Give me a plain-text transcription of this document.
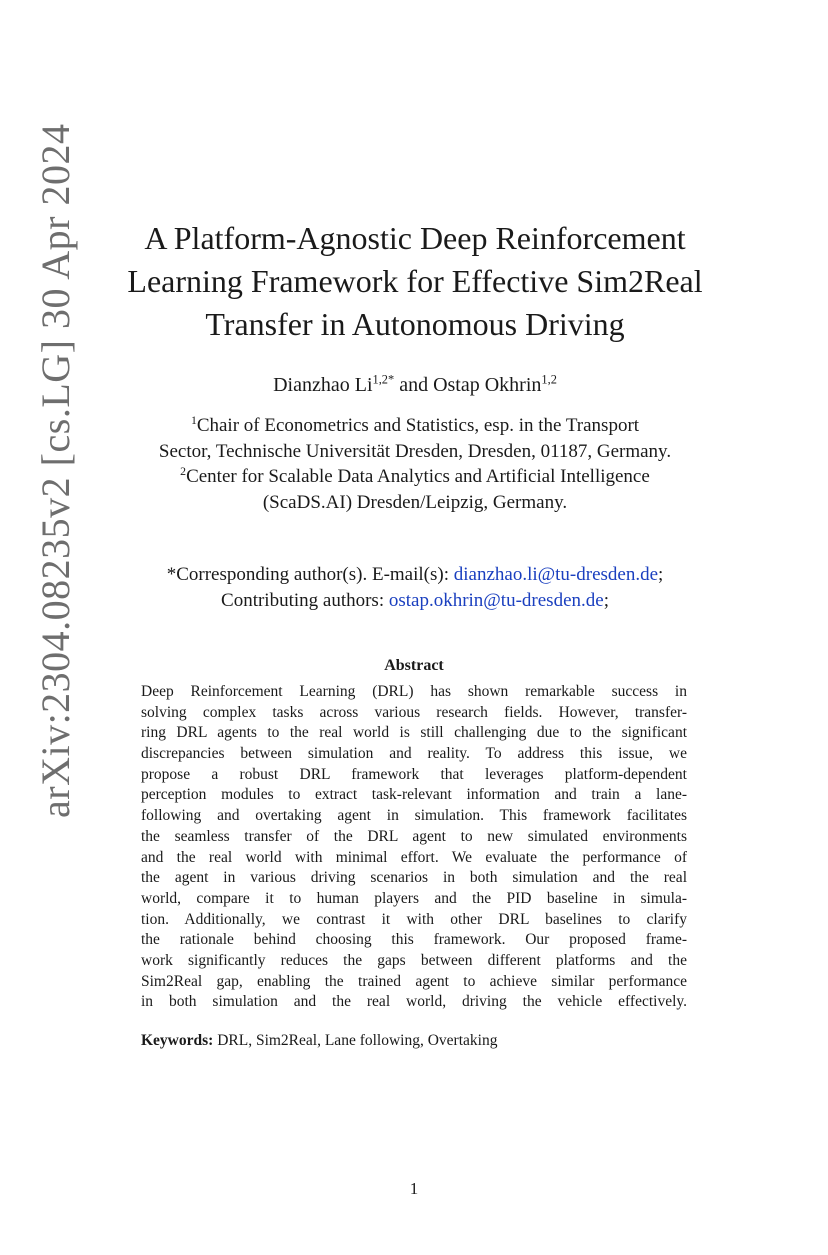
arXiv:2304.08235v2 [cs.LG] 30 Apr 2024	A Platform-Agnostic Deep Reinforcement
Learning Framework for Effective Sim2Real
Transfer in Autonomous Driving
Dianzhao $Li^{1,2*}$ and Ostap Okhrin$^{1,2}$
$^1$Chair of Econometrics and Statistics, esp. in the Transport
Sector, Technische Universität Dresden, Dresden, 01187, Germany.
$^2$Center for Scalable Data Analytics and Artificial Intelligence
(ScaDS.AI) Dresden/Leipzig, Germany.
*Corresponding author(s). E-mail(s): dianzhao.li@tu-dresden.de;
Contributing authors: ostap.okhrin@tu-dresden.de;
Abstract
Deep Reinforcement Learning (DRL) has shown remarkable success in
solving complex tasks across various research fields. However, transfer-
ring DRL agents to the real world is still challenging due to the significant
discrepancies between simulation and reality. To address this issue, we
propose a robust DRL framework that leverages platform-dependent
perception modules to extract task-relevant information and train a lane-
following and overtaking agent in simulation. This framework facilitates
the seamless transfer of the DRL agent to new simulated environments
and the real world with minimal effort. We evaluate the performance of
the agent in various driving scenarios in both simulation and the real
world, compare it to human players and the PID baseline in simula-
tion. Additionally, we contrast it with other DRL baselines to clarify
the rationale behind choosing this framework. Our proposed frame-
work significantly reduces the gaps between different platforms and the
Sim2Real gap, enabling the trained agent to achieve similar performance
in both simulation and the real world, driving the vehicle effectively.
Keywords: DRL, Sim2Real, Lane following, Overtaking
1
